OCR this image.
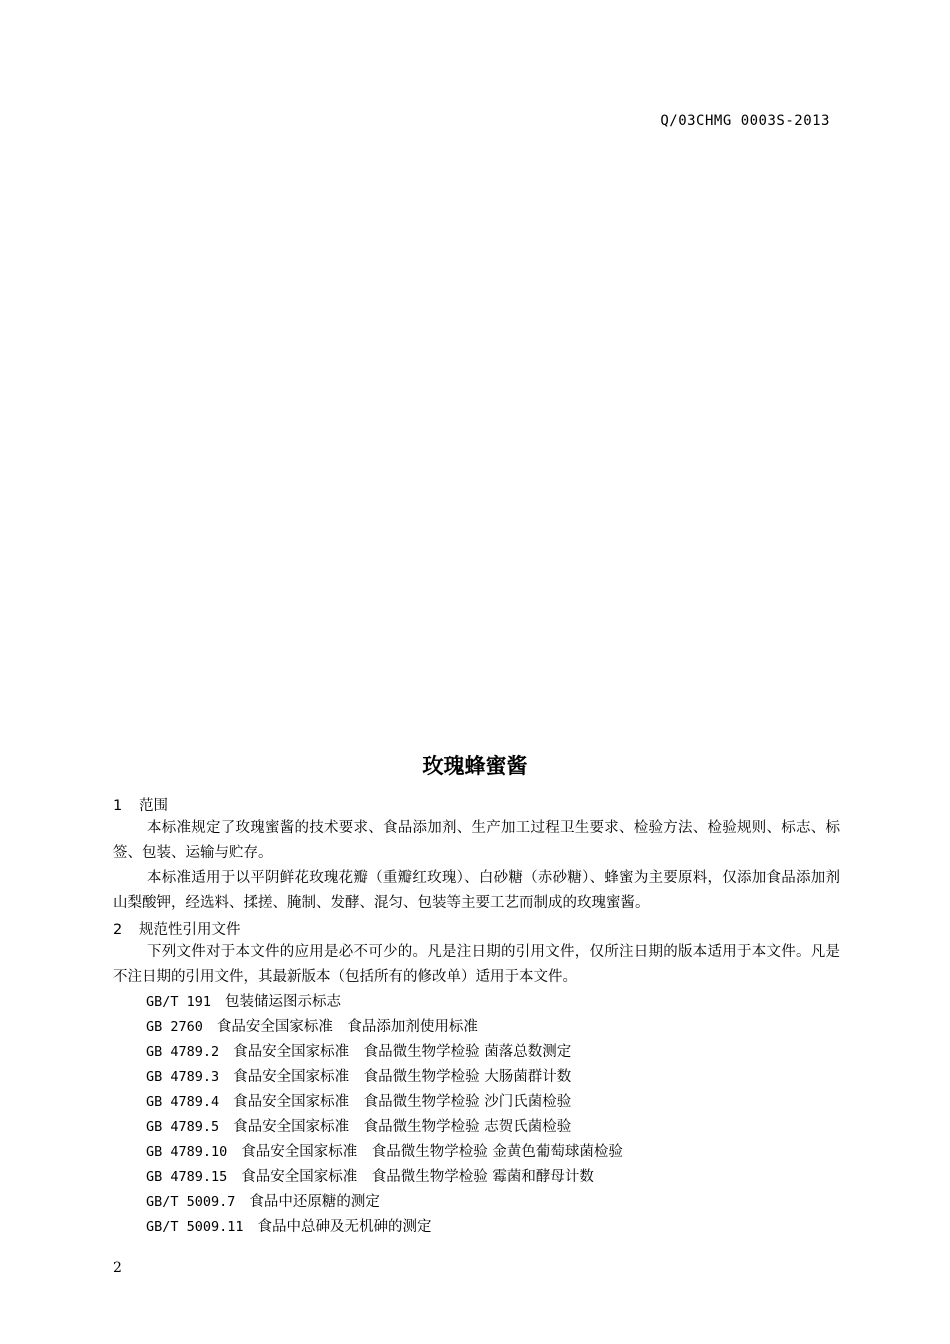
Q/03CHMG 0003S-2013
玫瑰蜂蜜酱
1 范围
本标准规定了玫瑰蜜酱的技术要求、食品添加剂、生产加工过程卫生要求、检验方法、检验规则、标志、标签、包装、运输与贮存。
本标准适用于以平阴鲜花玫瑰花瓣（重瓣红玫瑰）、白砂糖（赤砂糖）、蜂蜜为主要原料，仅添加食品添加剂山梨酸钾，经选料、揉搓、腌制、发酵、混匀、包装等主要工艺而制成的玫瑰蜜酱。
2 规范性引用文件
下列文件对于本文件的应用是必不可少的。凡是注日期的引用文件，仅所注日期的版本适用于本文件。凡是不注日期的引用文件，其最新版本（包括所有的修改单）适用于本文件。
GB/T 191 包装储运图示标志
GB 2760 食品安全国家标准　食品添加剂使用标准
GB 4789.2 食品安全国家标准　食品微生物学检验 菌落总数测定
GB 4789.3 食品安全国家标准　食品微生物学检验 大肠菌群计数
GB 4789.4 食品安全国家标准　食品微生物学检验 沙门氏菌检验
GB 4789.5 食品安全国家标准　食品微生物学检验 志贺氏菌检验
GB 4789.10 食品安全国家标准　食品微生物学检验 金黄色葡萄球菌检验
GB 4789.15 食品安全国家标准　食品微生物学检验 霉菌和酵母计数
GB/T 5009.7 食品中还原糖的测定
GB/T 5009.11 食品中总砷及无机砷的测定
2
